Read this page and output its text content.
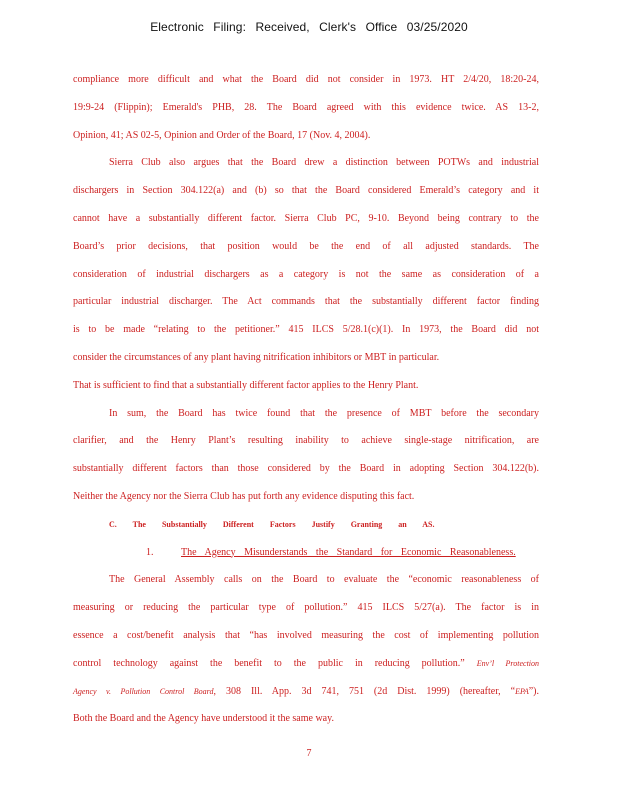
Electronic Filing: Received, Clerk's Office 03/25/2020
compliance more difficult and what the Board did not consider in 1973. HT 2/4/20, 18:20-24,
19:9-24 (Flippin); Emerald's PHB, 28. The Board agreed with this evidence twice. AS 13-2,
Opinion, 41; AS 02-5, Opinion and Order of the Board, 17 (Nov. 4, 2004).
Sierra Club also argues that the Board drew a distinction between POTWs and industrial
dischargers in Section 304.122(a) and (b) so that the Board considered Emerald’s category and it
cannot have a substantially different factor. Sierra Club PC, 9-10. Beyond being contrary to the
Board’s prior decisions, that position would be the end of all adjusted standards. The
consideration of industrial dischargers as a category is not the same as consideration of a
particular industrial discharger. The Act commands that the substantially different factor finding
is to be made “relating to the petitioner.” 415 ILCS 5/28.1(c)(1). In 1973, the Board did not
consider the circumstances of any plant having nitrification inhibitors or MBT in particular.
That is sufficient to find that a substantially different factor applies to the Henry Plant.
In sum, the Board has twice found that the presence of MBT before the secondary
clarifier, and the Henry Plant’s resulting inability to achieve single-stage nitrification, are
substantially different factors than those considered by the Board in adopting Section 304.122(b).
Neither the Agency nor the Sierra Club has put forth any evidence disputing this fact.
C. The Substantially Different Factors Justify Granting an AS.
1.	The Agency Misunderstands the Standard for Economic Reasonableness.
The General Assembly calls on the Board to evaluate the “economic reasonableness of
measuring or reducing the particular type of pollution.” 415 ILCS 5/27(a). The factor is in
essence a cost/benefit analysis that “has involved measuring the cost of implementing pollution
control technology against the benefit to the public in reducing pollution.” Env’l Protection
Agency v. Pollution Control Board, 308 Ill. App. 3d 741, 751 (2d Dist. 1999) (hereafter, “EPA”).
Both the Board and the Agency have understood it the same way.
7
